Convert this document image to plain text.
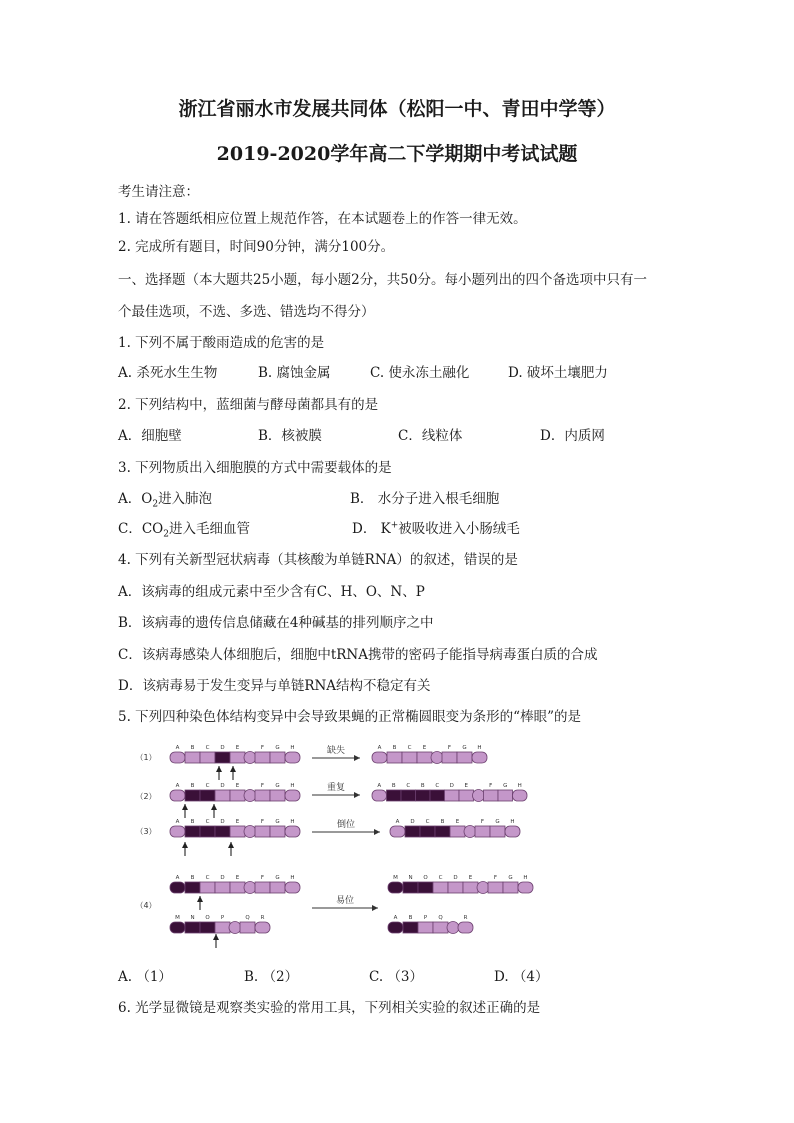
浙江省丽水市发展共同体（松阳一中、青田中学等）
2019-2020学年高二下学期期中考试试题
考生请注意：
1. 请在答题纸相应位置上规范作答，在本试题卷上的作答一律无效。
2. 完成所有题目，时间90分钟，满分100分。
一、选择题（本大题共25小题，每小题2分，共50分。每小题列出的四个备选项中只有一
个最佳选项，不选、多选、错选均不得分）
1. 下列不属于酸雨造成的危害的是
A. 杀死水生生物	B. 腐蚀金属	C. 使永冻土融化	D. 破坏土壤肥力
2. 下列结构中，蓝细菌与酵母菌都具有的是
A．细胞壁	B．核被膜	C．线粒体	D．内质网
3. 下列物质出入细胞膜的方式中需要载体的是
A．$O_2$进入肺泡	B． 水分子进入根毛细胞
C．$CO_2$进入毛细血管	D． K+被吸收进入小肠绒毛
4. 下列有关新型冠状病毒（其核酸为单链RNA）的叙述，错误的是
A．该病毒的组成元素中至少含有C、H、O、N、P
B．该病毒的遗传信息储藏在4种碱基的排列顺序之中
C．该病毒感染人体细胞后，细胞中tRNA携带的密码子能指导病毒蛋白质的合成
D．该病毒易于发生变异与单链RNA结构不稳定有关
5. 下列四种染色体结构变异中会导致果蝇的正常椭圆眼变为条形的“棒眼”的是
（1）
（2）
（3）
（4）
A B C D E	F G H	缺失	A B C E	F G H
A B C D E	F G H	重复	A B C B C D E	F G H
A B C D E	F G H	倒位	A D C B E	F G H
A B C D E	F G H
M N O P	Q R
易位
M N O C D E	F G H
A B P Q	R
A. （1）	B. （2）	C. （3）	D. （4）
6. 光学显微镜是观察类实验的常用工具，下列相关实验的叙述正确的是
